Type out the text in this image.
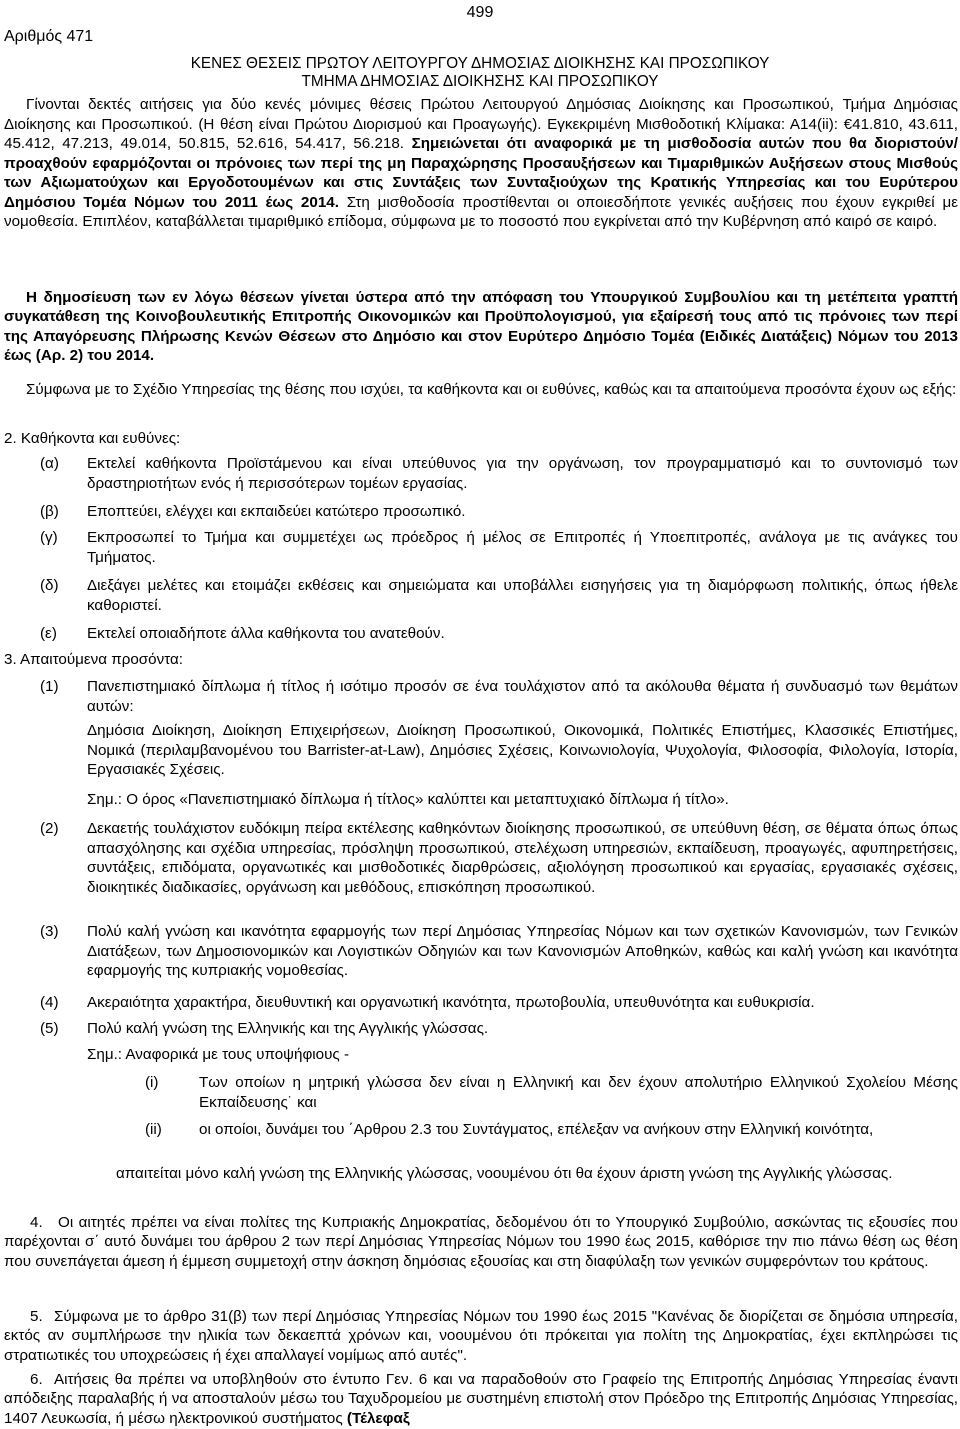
499
Αριθμός 471
ΚΕΝΕΣ ΘΕΣΕΙΣ ΠΡΩΤΟΥ ΛΕΙΤΟΥΡΓΟΥ ΔΗΜΟΣΙΑΣ ΔΙΟΙΚΗΣΗΣ ΚΑΙ ΠΡΟΣΩΠΙΚΟΥ
ΤΜΗΜΑ ΔΗΜΟΣΙΑΣ ΔΙΟΙΚΗΣΗΣ ΚΑΙ ΠΡΟΣΩΠΙΚΟΥ
Γίνονται δεκτές αιτήσεις για δύο κενές μόνιμες θέσεις Πρώτου Λειτουργού Δημόσιας Διοίκησης και Προσωπικού, Τμήμα Δημόσιας Διοίκησης και Προσωπικού. (Η θέση είναι Πρώτου Διορισμού και Προαγωγής). Εγκεκριμένη Μισθοδοτική Κλίμακα: Α14(ii): €41.810, 43.611, 45.412, 47.213, 49.014, 50.815, 52.616, 54.417, 56.218. Σημειώνεται ότι αναφορικά με τη μισθοδοσία αυτών που θα διοριστούν/προαχθούν εφαρμόζονται οι πρόνοιες των περί της μη Παραχώρησης Προσαυξήσεων και Τιμαριθμικών Αυξήσεων στους Μισθούς των Αξιωματούχων και Εργοδοτουμένων και στις Συντάξεις των Συνταξιούχων της Κρατικής Υπηρεσίας και του Ευρύτερου Δημόσιου Τομέα Νόμων του 2011 έως 2014. Στη μισθοδοσία προστίθενται οι οποιεσδήποτε γενικές αυξήσεις που έχουν εγκριθεί με νομοθεσία. Επιπλέον, καταβάλλεται τιμαριθμικό επίδομα, σύμφωνα με το ποσοστό που εγκρίνεται από την Κυβέρνηση από καιρό σε καιρό.
Η δημοσίευση των εν λόγω θέσεων γίνεται ύστερα από την απόφαση του Υπουργικού Συμβουλίου και τη μετέπειτα γραπτή συγκατάθεση της Κοινοβουλευτικής Επιτροπής Οικονομικών και Προϋπολογισμού, για εξαίρεσή τους από τις πρόνοιες των περί της Απαγόρευσης Πλήρωσης Κενών Θέσεων στο Δημόσιο και στον Ευρύτερο Δημόσιο Τομέα (Ειδικές Διατάξεις) Νόμων του 2013 έως (Αρ. 2) του 2014.
Σύμφωνα με το Σχέδιο Υπηρεσίας της θέσης που ισχύει, τα καθήκοντα και οι ευθύνες, καθώς και τα απαιτούμενα προσόντα έχουν ως εξής:
2. Καθήκοντα και ευθύνες:
(α) Εκτελεί καθήκοντα Προϊστάμενου και είναι υπεύθυνος για την οργάνωση, τον προγραμματισμό και το συντονισμό των δραστηριοτήτων ενός ή περισσότερων τομέων εργασίας.
(β) Εποπτεύει, ελέγχει και εκπαιδεύει κατώτερο προσωπικό.
(γ) Εκπροσωπεί το Τμήμα και συμμετέχει ως πρόεδρος ή μέλος σε Επιτροπές ή Υποεπιτροπές, ανάλογα με τις ανάγκες του Τμήματος.
(δ) Διεξάγει μελέτες και ετοιμάζει εκθέσεις και σημειώματα και υποβάλλει εισηγήσεις για τη διαμόρφωση πολιτικής, όπως ήθελε καθοριστεί.
(ε) Εκτελεί οποιαδήποτε άλλα καθήκοντα του ανατεθούν.
3. Απαιτούμενα προσόντα:
(1) Πανεπιστημιακό δίπλωμα ή τίτλος ή ισότιμο προσόν σε ένα τουλάχιστον από τα ακόλουθα θέματα ή συνδυασμό των θεμάτων αυτών:
Δημόσια Διοίκηση, Διοίκηση Επιχειρήσεων, Διοίκηση Προσωπικού, Οικονομικά, Πολιτικές Επιστήμες, Κλασσικές Επιστήμες, Νομικά (περιλαμβανομένου του Barrister-at-Law), Δημόσιες Σχέσεις, Κοινωνιολογία, Ψυχολογία, Φιλοσοφία, Φιλολογία, Ιστορία, Εργασιακές Σχέσεις.
Σημ.: Ο όρος «Πανεπιστημιακό δίπλωμα ή τίτλος» καλύπτει και μεταπτυχιακό δίπλωμα ή τίτλο».
(2) Δεκαετής τουλάχιστον ευδόκιμη πείρα εκτέλεσης καθηκόντων διοίκησης προσωπικού, σε υπεύθυνη θέση, σε θέματα όπως όπως απασχόλησης και σχέδια υπηρεσίας, πρόσληψη προσωπικού, στελέχωση υπηρεσιών, εκπαίδευση, προαγωγές, αφυπηρετήσεις, συντάξεις, επιδόματα, οργανωτικές και μισθοδοτικές διαρθρώσεις, αξιολόγηση προσωπικού και εργασίας, εργασιακές σχέσεις, διοικητικές διαδικασίες, οργάνωση και μεθόδους, επισκόπηση προσωπικού.
(3) Πολύ καλή γνώση και ικανότητα εφαρμογής των περί Δημόσιας Υπηρεσίας Νόμων και των σχετικών Κανονισμών, των Γενικών Διατάξεων, των Δημοσιονομικών και Λογιστικών Οδηγιών και των Κανονισμών Αποθηκών, καθώς και καλή γνώση και ικανότητα εφαρμογής της κυπριακής νομοθεσίας.
(4) Ακεραιότητα χαρακτήρα, διευθυντική και οργανωτική ικανότητα, πρωτοβουλία, υπευθυνότητα και ευθυκρισία.
(5) Πολύ καλή γνώση της Ελληνικής και της Αγγλικής γλώσσας.
Σημ.: Αναφορικά με τους υποψήφιους -
(i)	Των οποίων η μητρική γλώσσα δεν είναι η Ελληνική και δεν έχουν απολυτήριο Ελληνικού Σχολείου Μέσης Εκπαίδευσης˙ και
(ii) οι οποίοι, δυνάμει του ΄Αρθρου 2.3 του Συντάγματος, επέλεξαν να ανήκουν στην Ελληνική κοινότητα,
απαιτείται μόνο καλή γνώση της Ελληνικής γλώσσας, νοουμένου ότι θα έχουν άριστη γνώση της Αγγλικής γλώσσας.
4. Οι αιτητές πρέπει να είναι πολίτες της Κυπριακής Δημοκρατίας, δεδομένου ότι το Υπουργικό Συμβούλιο, ασκώντας τις εξουσίες που παρέχονται σ΄ αυτό δυνάμει του άρθρου 2 των περί Δημόσιας Υπηρεσίας Νόμων του 1990 έως 2015, καθόρισε την πιο πάνω θέση ως θέση που συνεπάγεται άμεση ή έμμεση συμμετοχή στην άσκηση δημόσιας εξουσίας και στη διαφύλαξη των γενικών συμφερόντων του κράτους.
5. Σύμφωνα με το άρθρο 31(β) των περί Δημόσιας Υπηρεσίας Νόμων του 1990 έως 2015 "Κανένας δε διορίζεται σε δημόσια υπηρεσία, εκτός αν συμπλήρωσε την ηλικία των δεκαεπτά χρόνων και, νοουμένου ότι πρόκειται για πολίτη της Δημοκρατίας, έχει εκπληρώσει τις στρατιωτικές του υποχρεώσεις ή έχει απαλλαγεί νομίμως από αυτές".
6. Αιτήσεις θα πρέπει να υποβληθούν στο έντυπο Γεν. 6 και να παραδοθούν στο Γραφείο της Επιτροπής Δημόσιας Υπηρεσίας έναντι απόδειξης παραλαβής ή να αποσταλούν μέσω του Ταχυδρομείου με συστημένη επιστολή στον Πρόεδρο της Επιτροπής Δημόσιας Υπηρεσίας, 1407 Λευκωσία, ή μέσω ηλεκτρονικού συστήματος (Τέλεφαξ
